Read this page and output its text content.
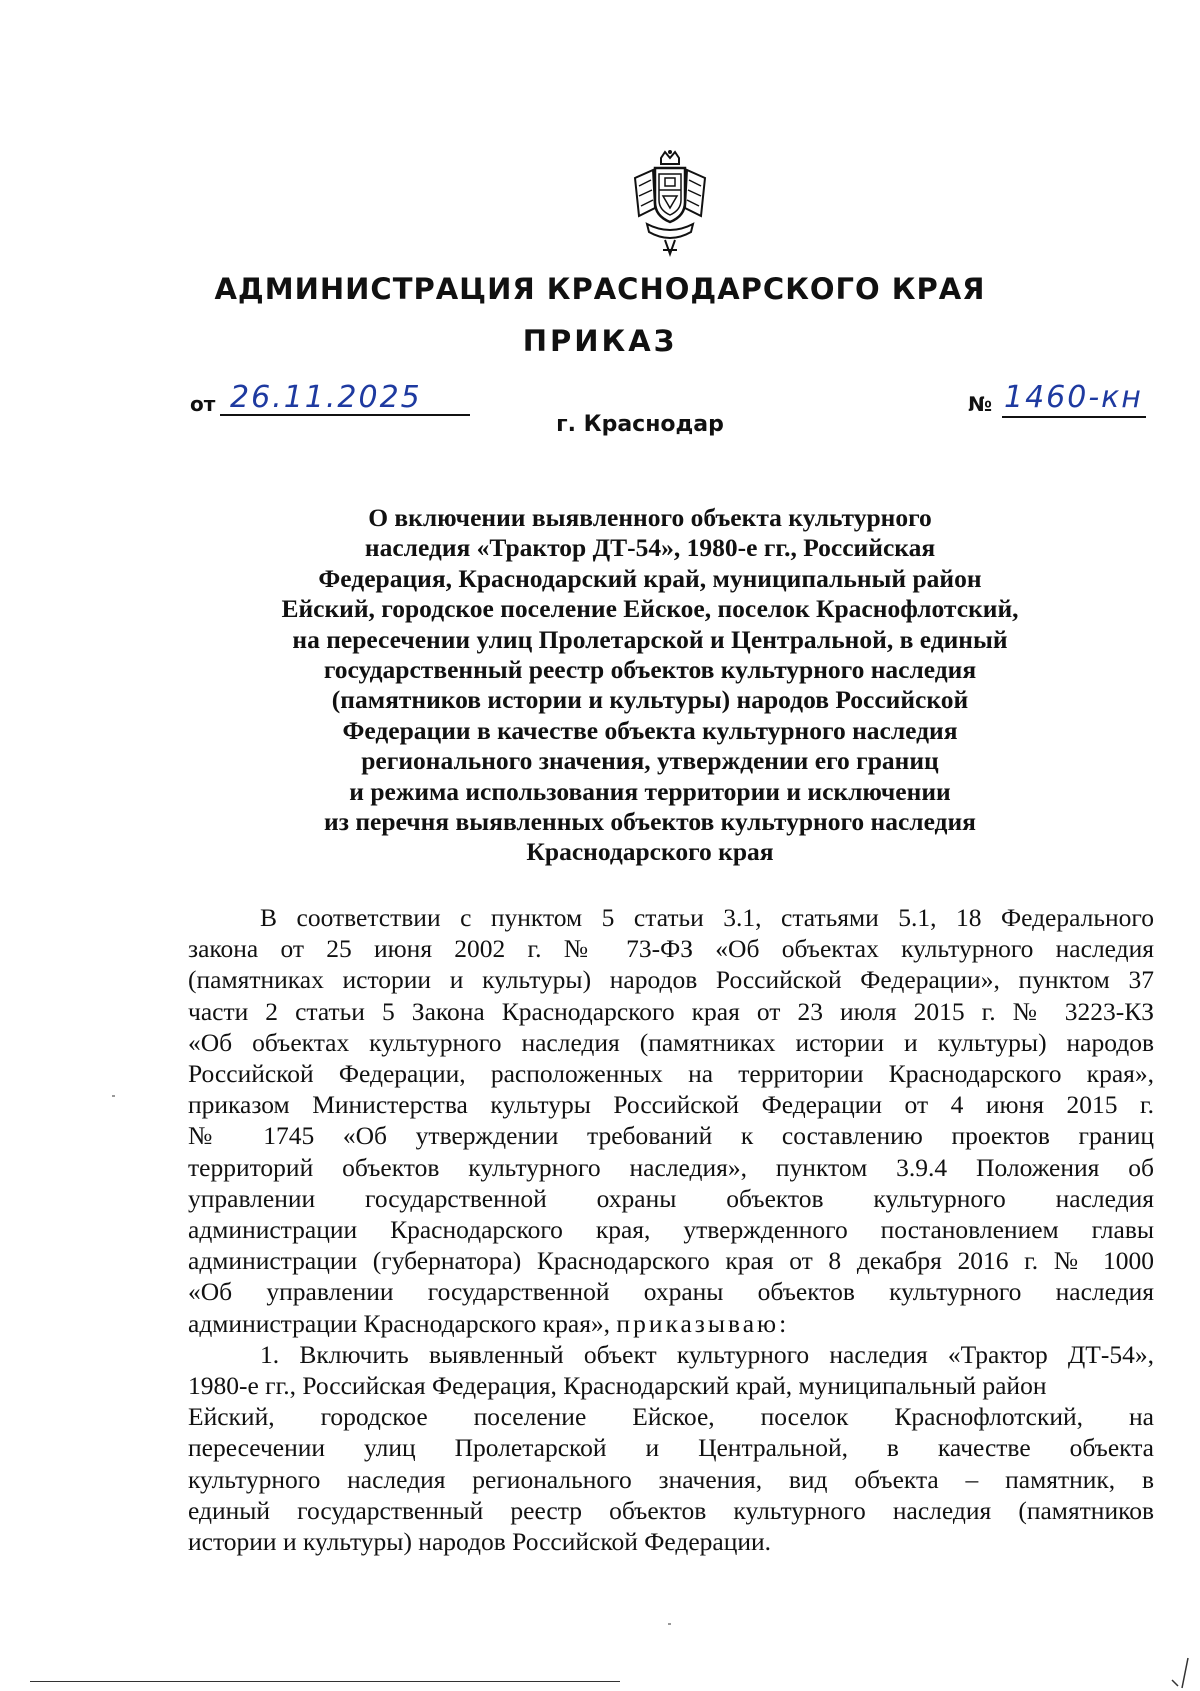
АДМИНИСТРАЦИЯ КРАСНОДАРСКОГО КРАЯ
ПРИКАЗ
от 26.11.2025	№ 1460-кн
г. Краснодар
О включении выявленного объекта культурного
наследия «Трактор ДТ-54», 1980-е гг., Российская
Федерация, Краснодарский край, муниципальный район
Ейский, городское поселение Ейское, поселок Краснофлотский,
на пересечении улиц Пролетарской и Центральной, в единый
государственный реестр объектов культурного наследия
(памятников истории и культуры) народов Российской
Федерации в качестве объекта культурного наследия
регионального значения, утверждении его границ
и режима использования территории и исключении
из перечня выявленных объектов культурного наследия
Краснодарского края
В соответствии с пунктом 5 статьи 3.1, статьями 5.1, 18 Федерального
закона от 25 июня 2002 г. № 73-ФЗ «Об объектах культурного наследия
(памятниках истории и культуры) народов Российской Федерации», пунктом 37
части 2 статьи 5 Закона Краснодарского края от 23 июля 2015 г. № 3223-КЗ
«Об объектах культурного наследия (памятниках истории и культуры) народов
Российской Федерации, расположенных на территории Краснодарского края»,
приказом Министерства культуры Российской Федерации от 4 июня 2015 г.
№ 1745 «Об утверждении требований к составлению проектов границ
территорий объектов культурного наследия», пунктом 3.9.4 Положения об
управлении государственной охраны объектов культурного наследия
администрации Краснодарского края, утвержденного постановлением главы
администрации (губернатора) Краснодарского края от 8 декабря 2016 г. № 1000
«Об управлении государственной охраны объектов культурного наследия
администрации Краснодарского края», приказываю:
1. Включить выявленный объект культурного наследия «Трактор ДТ-54»,
1980-е гг., Российская Федерация, Краснодарский край, муниципальный район
Ейский, городское поселение Ейское, поселок Краснофлотский, на
пересечении улиц Пролетарской и Центральной, в качестве объекта
культурного наследия регионального значения, вид объекта – памятник, в
единый государственный реестр объектов культурного наследия (памятников
истории и культуры) народов Российской Федерации.
